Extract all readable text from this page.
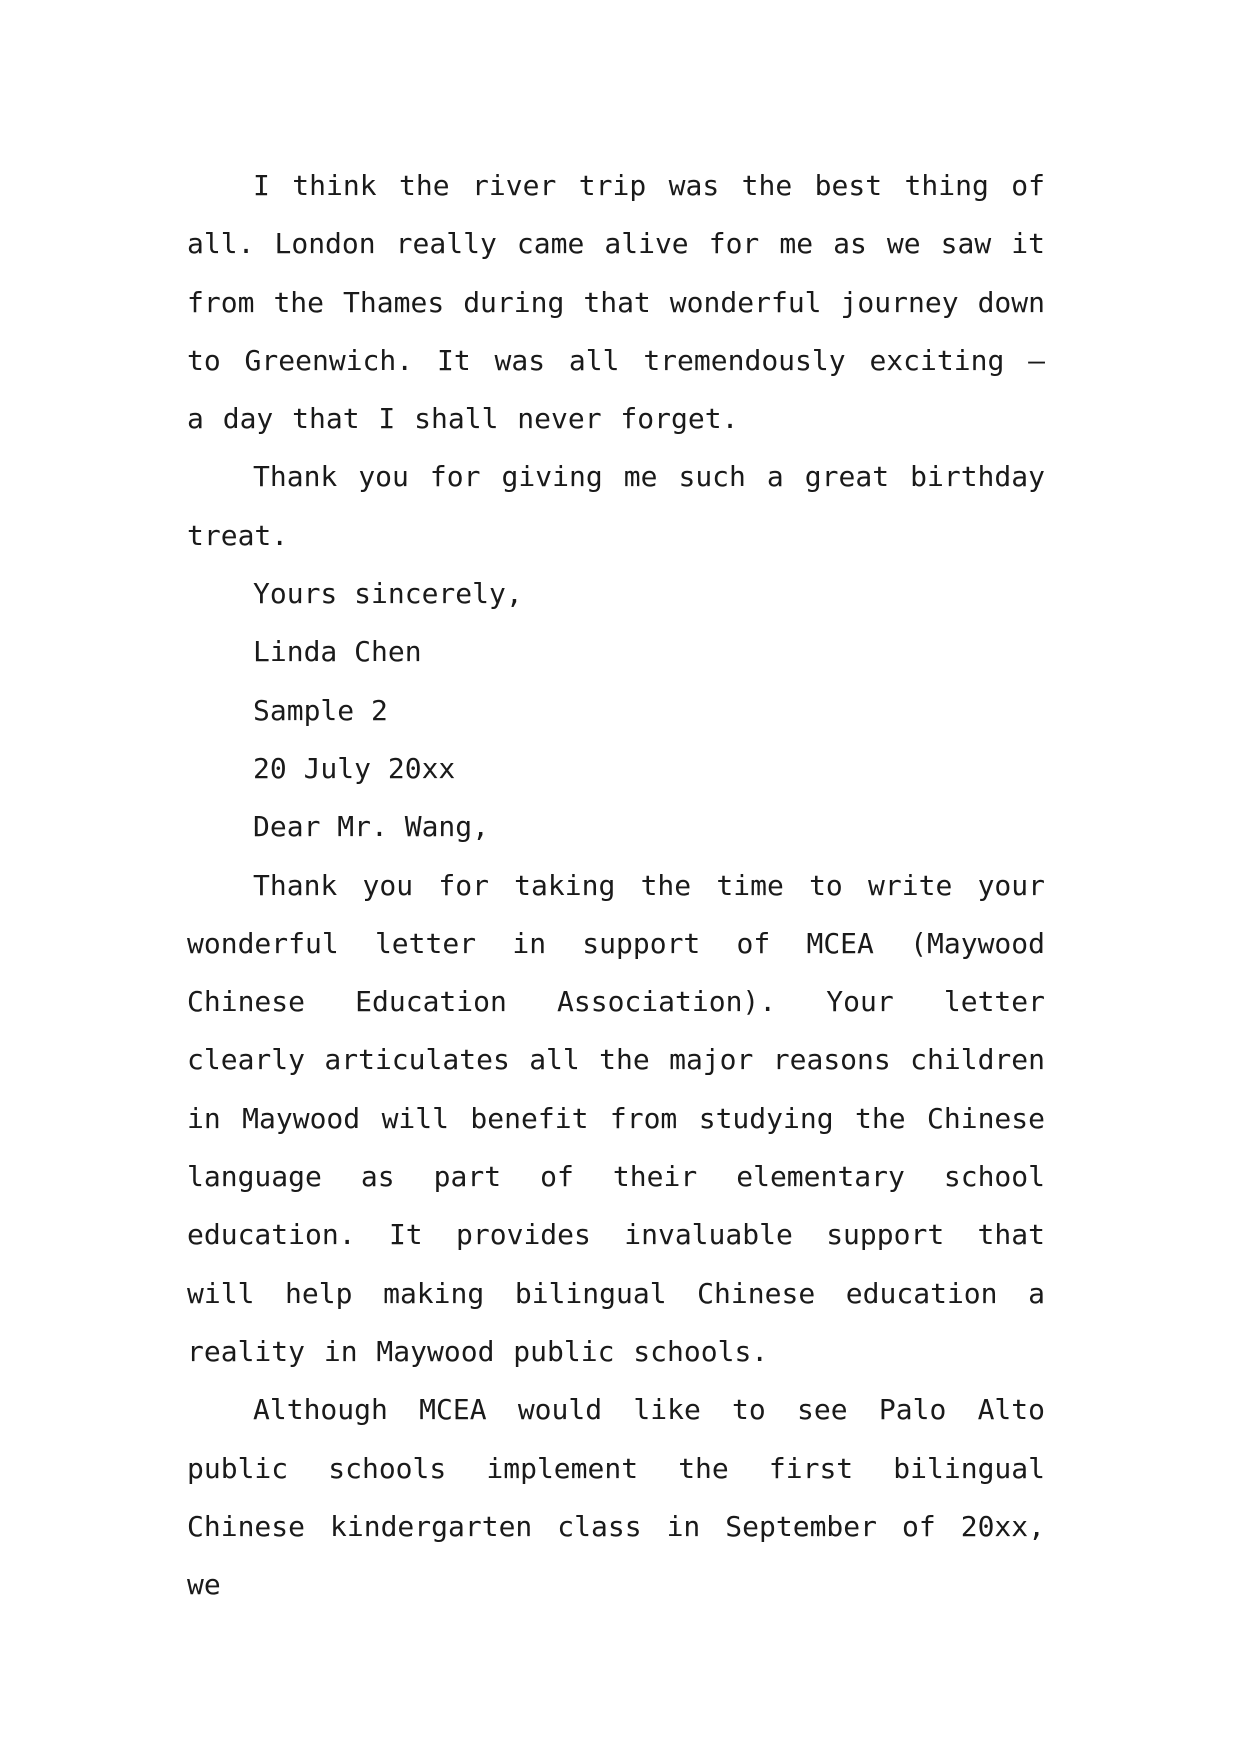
I think the river trip was the best thing of all. London really came alive for me as we saw it from the Thames during that wonderful journey down to Greenwich. It was all tremendously exciting — a day that I shall never forget.

Thank you for giving me such a great birthday treat.

Yours sincerely,

Linda Chen

Sample 2

20 July 20xx

Dear Mr. Wang,

Thank you for taking the time to write your wonderful letter in support of MCEA (Maywood Chinese Education Association). Your letter clearly articulates all the major reasons children in Maywood will benefit from studying the Chinese language as part of their elementary school education. It provides invaluable support that will help making bilingual Chinese education a reality in Maywood public schools.

Although MCEA would like to see Palo Alto public schools implement the first bilingual Chinese kindergarten class in September of 20xx, we
